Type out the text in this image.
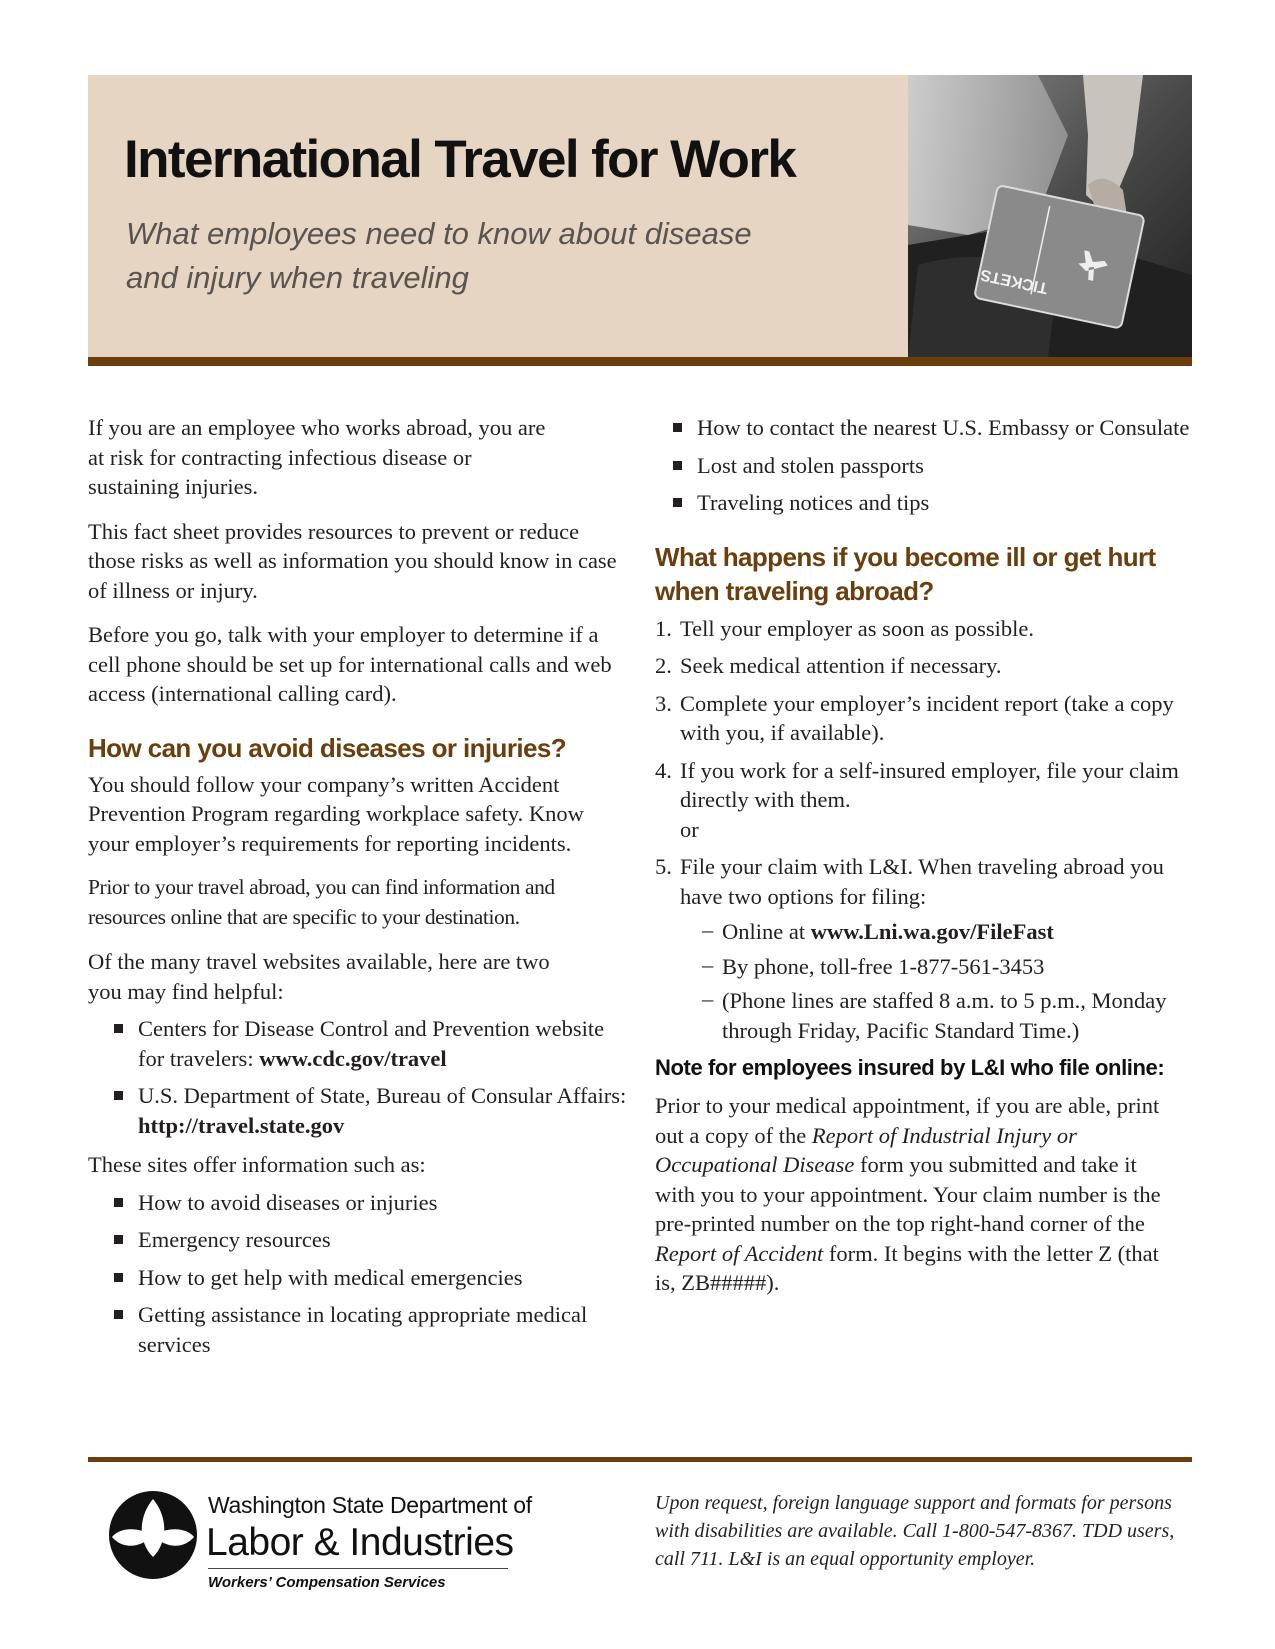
International Travel for Work

What employees need to know about disease
and injury when traveling	TICKETS

If you are an employee who works abroad, you are at risk for contracting infectious disease or sustaining injuries.

This fact sheet provides resources to prevent or reduce those risks as well as information you should know in case of illness or injury.

Before you go, talk with your employer to determine if a cell phone should be set up for international calls and web access (international calling card).

How can you avoid diseases or injuries?

You should follow your company’s written Accident Prevention Program regarding workplace safety. Know your employer’s requirements for reporting incidents.

Prior to your travel abroad, you can find information and resources online that are specific to your destination.

Of the many travel websites available, here are two you may find helpful:

Centers for Disease Control and Prevention website for travelers: www.cdc.gov/travel
U.S. Department of State, Bureau of Consular Affairs: http://travel.state.gov

These sites offer information such as:

How to avoid diseases or injuries
Emergency resources
How to get help with medical emergencies
Getting assistance in locating appropriate medical services
How to contact the nearest U.S. Embassy or Consulate
Lost and stolen passports
Traveling notices and tips
What happens if you become ill or get hurt when traveling abroad?
1. Tell your employer as soon as possible.
2. Seek medical attention if necessary.
3. Complete your employer’s incident report (take a copy with you, if available).
4. If you work for a self-insured employer, file your claim directly with them.
or
5. File your claim with L&I. When traveling abroad you have two options for filing:
– Online at www.Lni.wa.gov/FileFast
– By phone, toll-free 1-877-561-3453
– (Phone lines are staffed 8 a.m. to 5 p.m., Monday through Friday, Pacific Standard Time.)
Note for employees insured by L&I who file online:

Prior to your medical appointment, if you are able, print out a copy of the Report of Industrial Injury or Occupational Disease form you submitted and take it with you to your appointment. Your claim number is the pre-printed number on the top right-hand corner of the Report of Accident form. It begins with the letter Z (that is, ZB#####).

Washington State Department of

Labor & Industries

Workers’ Compensation Services

Upon request, foreign language support and formats for persons with disabilities are available. Call 1-800-547-8367. TDD users, call 711. L&I is an equal opportunity employer.
